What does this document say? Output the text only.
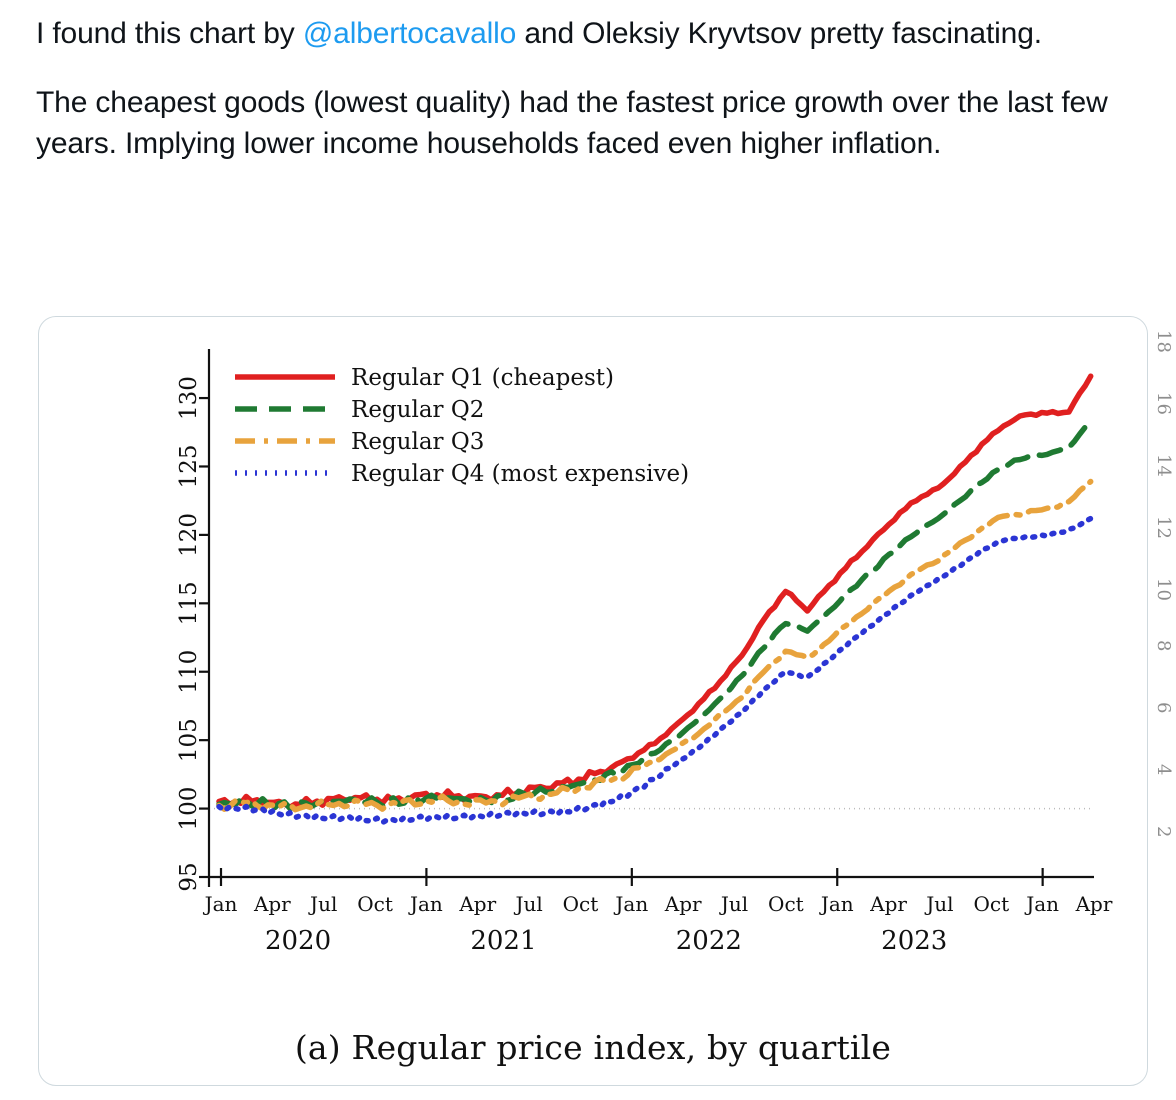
I found this chart by @albertocavallo and Oleksiy Kryvtsov pretty fascinating.

The cheapest goods (lowest quality) had the fastest price growth over the last few years. Implying lower income households faced even higher inflation.

18
16
14
12
10
8
6
4
2
95
100
105
110
115
120
125
130
Jan Apr Jul Oct Jan Apr Jul Oct Jan Apr Jul Oct Jan Apr Jul Oct Jan Apr
2020	2021	2022	2023
Regular Q1 (cheapest)
Regular Q2
Regular Q3
Regular Q4 (most expensive)
(a) Regular price index, by quartile
